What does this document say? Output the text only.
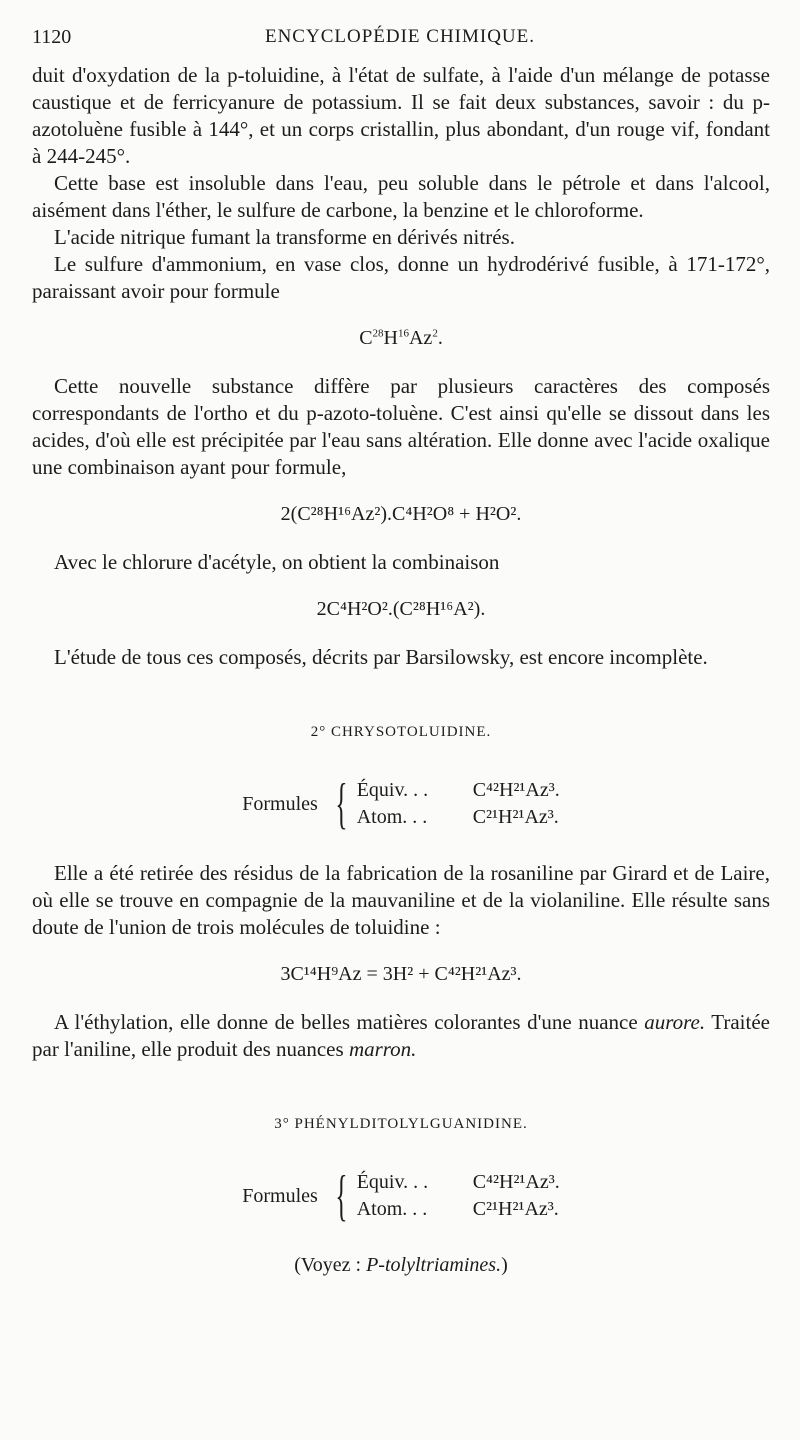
1120	ENCYCLOPÉDIE CHIMIQUE.

duit d'oxydation de la p-toluidine, à l'état de sulfate, à l'aide d'un mélange de potasse caustique et de ferricyanure de potassium. Il se fait deux substances, savoir : du p-azotoluène fusible à 144°, et un corps cristallin, plus abondant, d'un rouge vif, fondant à 244-245°.

Cette base est insoluble dans l'eau, peu soluble dans le pétrole et dans l'alcool, aisément dans l'éther, le sulfure de carbone, la benzine et le chloroforme.

L'acide nitrique fumant la transforme en dérivés nitrés.

Le sulfure d'ammonium, en vase clos, donne un hydrodérivé fusible, à 171-172°, paraissant avoir pour formule

$C^{28}H^{16}Az^2$.

Cette nouvelle substance diffère par plusieurs caractères des composés correspondants de l'ortho et du p-azoto-toluène. C'est ainsi qu'elle se dissout dans les acides, d'où elle est précipitée par l'eau sans altération. Elle donne avec l'acide oxalique une combinaison ayant pour formule,

2(C²⁸H¹⁶Az²).C⁴H²O⁸ + H²O².

Avec le chlorure d'acétyle, on obtient la combinaison

2C⁴H²O².(C²⁸H¹⁶A²).

L'étude de tous ces composés, décrits par Barsilowsky, est encore incomplète.

2° CHRYSOTOLUIDINE.
Formules { Équiv. . .	C⁴²H²¹Az³.
Atom. . .	C²¹H²¹Az³.

Elle a été retirée des résidus de la fabrication de la rosaniline par Girard et de Laire, où elle se trouve en compagnie de la mauvaniline et de la violaniline. Elle résulte sans doute de l'union de trois molécules de toluidine :

3C¹⁴H⁹Az = 3H² + C⁴²H²¹Az³.

A l'éthylation, elle donne de belles matières colorantes d'une nuance aurore. Traitée par l'aniline, elle produit des nuances marron.

3° PHÉNYLDITOLYLGUANIDINE.
Formules { Équiv. . .	C⁴²H²¹Az³.
Atom. . .	C²¹H²¹Az³.
(Voyez : P-tolyltriamines.)
